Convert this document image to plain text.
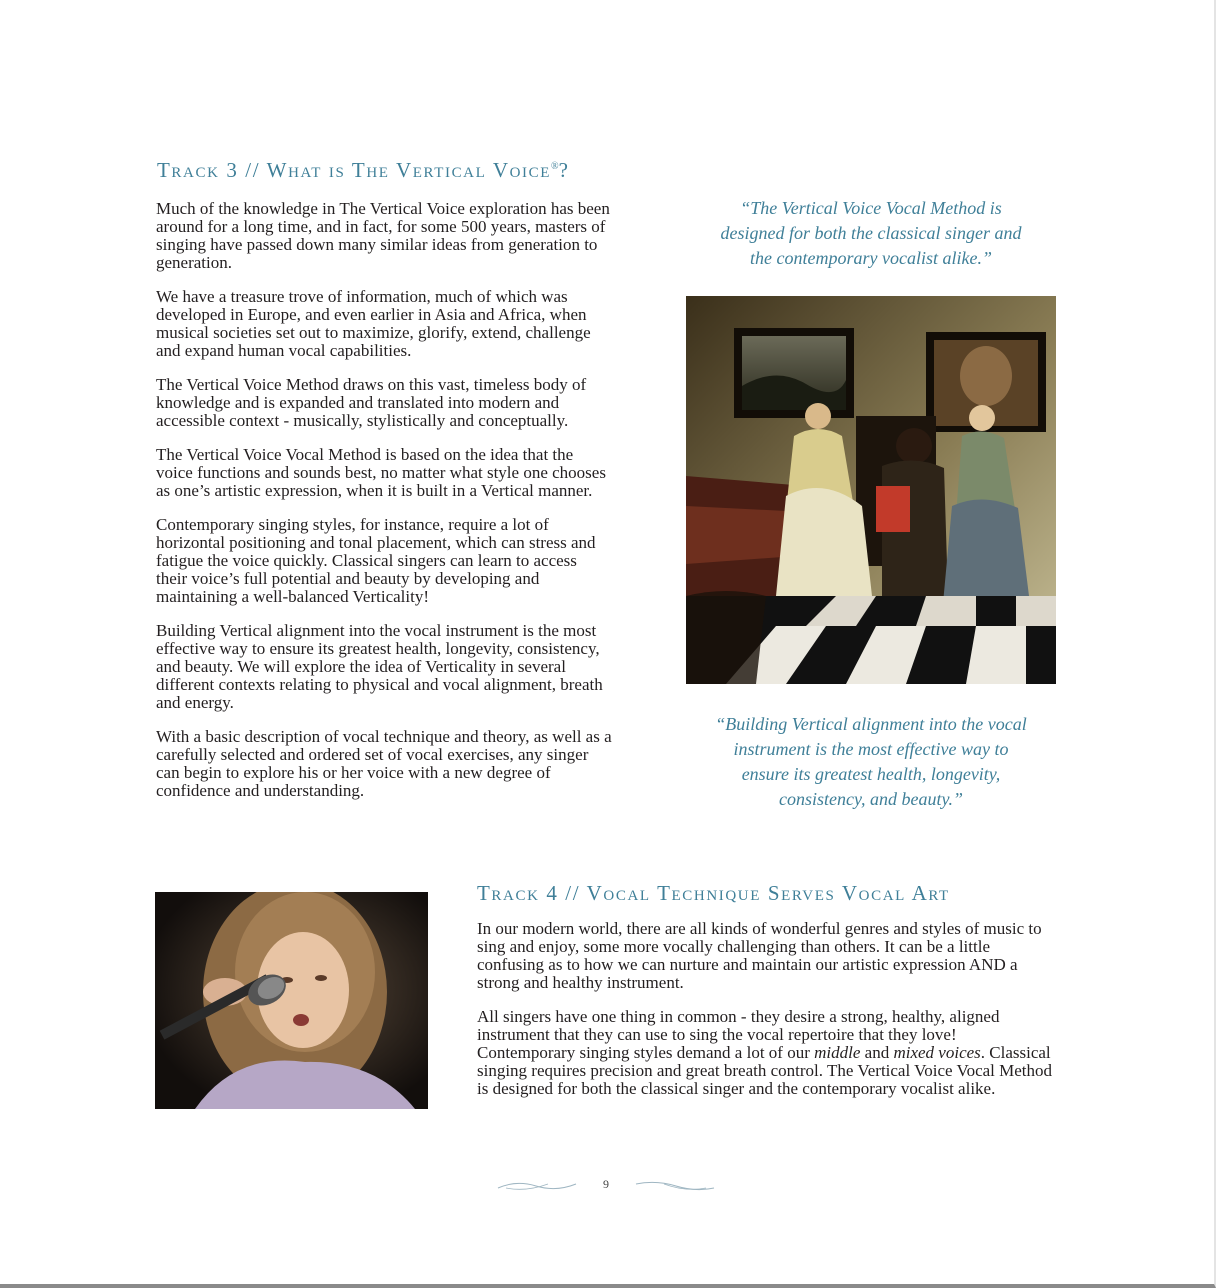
Track 3 // What is The Vertical Voice®?

Much of the knowledge in The Vertical Voice exploration has been around for a long time, and in fact, for some 500 years, masters of singing have passed down many similar ideas from generation to generation.

We have a treasure trove of information, much of which was developed in Europe, and even earlier in Asia and Africa, when musical societies set out to maximize, glorify, extend, challenge and expand human vocal capabilities.

The Vertical Voice Method draws on this vast, timeless body of knowledge and is expanded and translated into modern and accessible context - musically, stylistically and conceptually.

The Vertical Voice Vocal Method is based on the idea that the voice functions and sounds best, no matter what style one chooses as one’s artistic expression, when it is built in a Vertical manner.

Contemporary singing styles, for instance, require a lot of horizontal positioning and tonal placement, which can stress and fatigue the voice quickly. Classical singers can learn to access their voice’s full potential and beauty by developing and maintaining a well-balanced Verticality!

Building Vertical alignment into the vocal instrument is the most effective way to ensure its greatest health, longevity, consistency, and beauty. We will explore the idea of Verticality in several different contexts relating to physical and vocal alignment, breath and energy.

With a basic description of vocal technique and theory, as well as a carefully selected and ordered set of vocal exercises, any singer can begin to explore his or her voice with a new degree of confidence and understanding.

“The Vertical Voice Vocal Method is designed for both the classical singer and the contemporary vocalist alike.”

“Building Vertical alignment into the vocal instrument is the most effective way to ensure its greatest health, longevity, consistency, and beauty.”

Track 4 // Vocal Technique Serves Vocal Art

In our modern world, there are all kinds of wonderful genres and styles of music to sing and enjoy, some more vocally challenging than others. It can be a little confusing as to how we can nurture and maintain our artistic expression AND a strong and healthy instrument.

All singers have one thing in common - they desire a strong, healthy, aligned instrument that they can use to sing the vocal repertoire that they love! Contemporary singing styles demand a lot of our middle and mixed voices. Classical singing requires precision and great breath control. The Vertical Voice Vocal Method is designed for both the classical singer and the contemporary vocalist alike.

9
